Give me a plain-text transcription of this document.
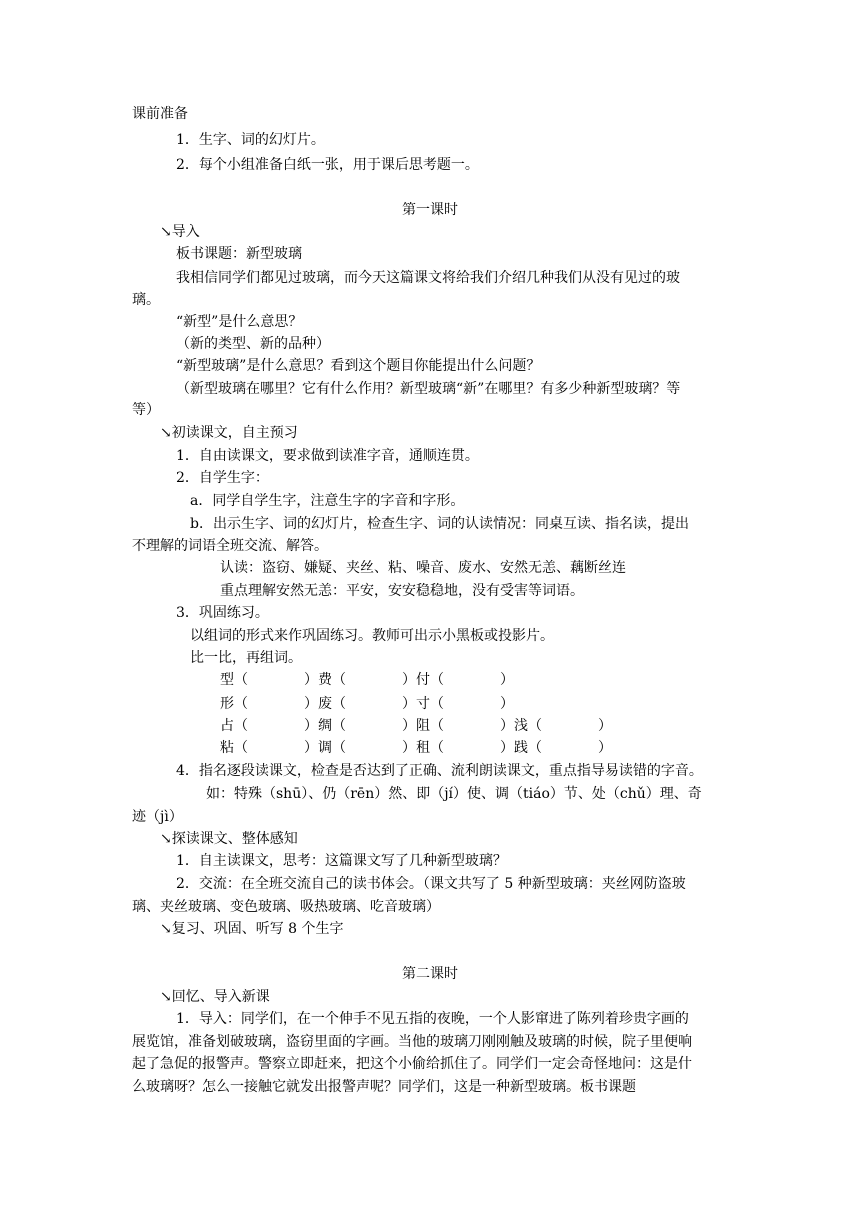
课前准备
1．生字、词的幻灯片。
2．每个小组准备白纸一张，用于课后思考题一。
第一课时
↘导入
板书课题：新型玻璃
我相信同学们都见过玻璃，而今天这篇课文将给我们介绍几种我们从没有见过的玻
璃。
“新型”是什么意思？
（新的类型、新的品种）
“新型玻璃”是什么意思？看到这个题目你能提出什么问题？
（新型玻璃在哪里？它有什么作用？新型玻璃“新”在哪里？有多少种新型玻璃？等
等）
↘初读课文，自主预习
1．自由读课文，要求做到读准字音，通顺连贯。
2．自学生字：
a．同学自学生字，注意生字的字音和字形。
b．出示生字、词的幻灯片，检查生字、词的认读情况：同桌互读、指名读，提出
不理解的词语全班交流、解答。
认读：盗窃、嫌疑、夹丝、粘、噪音、废水、安然无恙、藕断丝连
重点理解安然无恙：平安，安安稳稳地，没有受害等词语。
3．巩固练习。
以组词的形式来作巩固练习。教师可出示小黑板或投影片。
比一比，再组词。
型（	）费（	）付（	）
形（	）废（	）寸（	）
占（	）绸（	）阻（	）浅（	）
粘（	）调（	）租（	）践（	）
4．指名逐段读课文，检查是否达到了正确、流利朗读课文，重点指导易读错的字音。
如：特殊（shū）、仍（rēn）然、即（jí）使、调（tiáo）节、处（chǔ）理、奇
迹（jì）
↘探读课文、整体感知
1．自主读课文，思考：这篇课文写了几种新型玻璃？
2．交流：在全班交流自己的读书体会。（课文共写了 5 种新型玻璃：夹丝网防盗玻
璃、夹丝玻璃、变色玻璃、吸热玻璃、吃音玻璃）
↘复习、巩固、听写 8 个生字
第二课时
↘回忆、导入新课
1．导入：同学们，在一个伸手不见五指的夜晚，一个人影窜进了陈列着珍贵字画的
展览馆，准备划破玻璃，盗窃里面的字画。当他的玻璃刀刚刚触及玻璃的时候，院子里便响
起了急促的报警声。警察立即赶来，把这个小偷给抓住了。同学们一定会奇怪地问：这是什
么玻璃呀？怎么一接触它就发出报警声呢？同学们，这是一种新型玻璃。板书课题
